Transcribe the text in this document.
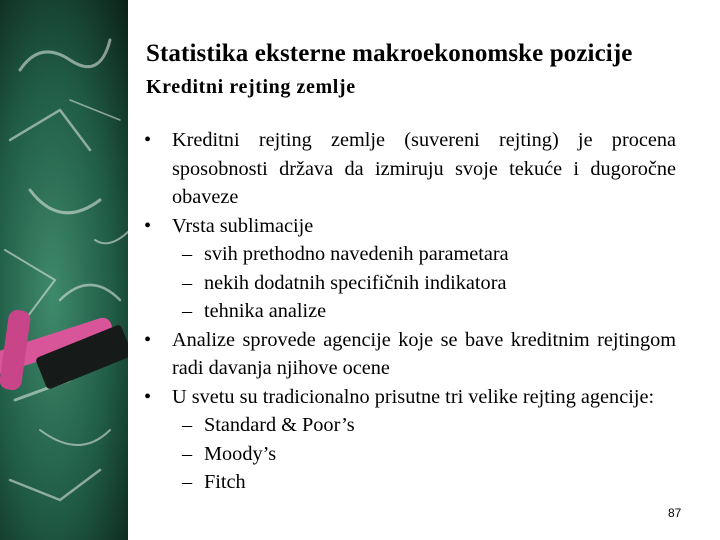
Statistika eksterne makroekonomske pozicije
Kreditni rejting zemlje
• Kreditni rejting zemlje (suvereni rejting) je procena sposobnosti država da izmiruju svoje tekuće i dugoročne obaveze
• Vrsta sublimacije
– svih prethodno navedenih parametara
– nekih dodatnih specifičnih indikatora
– tehnika analize
• Analize sprovede agencije koje se bave kreditnim rejtingom radi davanja njihove ocene
• U svetu su tradicionalno prisutne tri velike rejting agencije:
– Standard & Poor’s
– Moody’s
– Fitch
87
